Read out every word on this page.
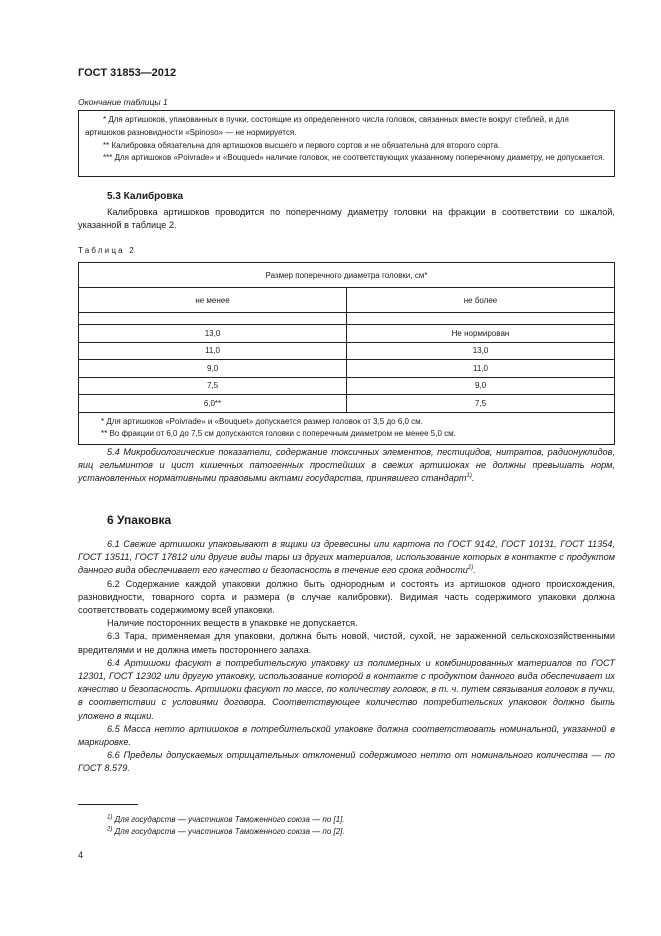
ГОСТ 31853—2012
Окончание таблицы 1

* Для артишоков, упакованных в пучки, состоящие из определенного числа головок, связанных вместе вокруг стеблей, и для артишоков разновидности «Spinoso» — не нормируется.

** Калибровка обязательна для артишоков высшего и первого сортов и не обязательна для второго сорта.

*** Для артишоков «Poivrade» и «Bouqued» наличие головок, не соответствующих указанному поперечному диаметру, не допускается.

5.3 Калибровка

Калибровка артишоков проводится по поперечному диаметру головки на фракции в соответствии со шкалой, указанной в таблице 2.

Таблица 2
Размер поперечного диаметра головки, см*	
не менее	не более

13,0	Не нормирован
11,0	13,0
9,0	11,0
7,5	9,0
6,0**	7,5

* Для артишоков «Poivrade» и «Bouquet» допускается размер головок от 3,5 до 6,0 см.
** Во фракции от 6,0 до 7,5 см допускаются головки с поперечным диаметром не менее 5,0 см.	

5.4 Микробиологические показатели, содержание токсичных элементов, пестицидов, нитратов, радионуклидов, яиц гельминтов и цист кишечных патогенных простейших в свежих артишоках не должны превышать норм, установленных нормативными правовыми актами государства, принявшего стандарт$^{1)}$.

6 Упаковка

6.1 Свежие артишоки упаковывают в ящики из древесины или картона по ГОСТ 9142, ГОСТ 10131, ГОСТ 11354, ГОСТ 13511, ГОСТ 17812 или другие виды тары из других материалов, использование которых в контакте с продуктом данного вида обеспечивает его качество и безопасность в течение его срока годности$^{2)}$.

6.2 Содержание каждой упаковки должно быть однородным и состоять из артишоков одного происхождения, разновидности, товарного сорта и размера (в случае калибровки). Видимая часть содержимого упаковки должна соответствовать содержимому всей упаковки.

Наличие посторонних веществ в упаковке не допускается.

6.3 Тара, применяемая для упаковки, должна быть новой, чистой, сухой, не зараженной сельскохозяйственными вредителями и не должна иметь постороннего запаха.

6.4 Артишоки фасуют в потребительскую упаковку из полимерных и комбинированных материалов по ГОСТ 12301, ГОСТ 12302 или другую упаковку, использование которой в контакте с продуктом данного вида обеспечивает их качество и безопасность. Артишоки фасуют по массе, по количеству головок, в т. ч. путем связывания головок в пучки, в соответствии с условиями договора. Соответствующее количество потребительских упаковок должно быть уложено в ящики.

6.5 Масса нетто артишоков в потребительской упаковке должна соответствовать номинальной, указанной в маркировке.

6.6 Пределы допускаемых отрицательных отклонений содержимого нетто от номинального количества — по ГОСТ 8.579.

$^{1)}$ Для государств — участников Таможенного союза — по [1].
$^{2)}$ Для государств — участников Таможенного союза — по [2].
4
